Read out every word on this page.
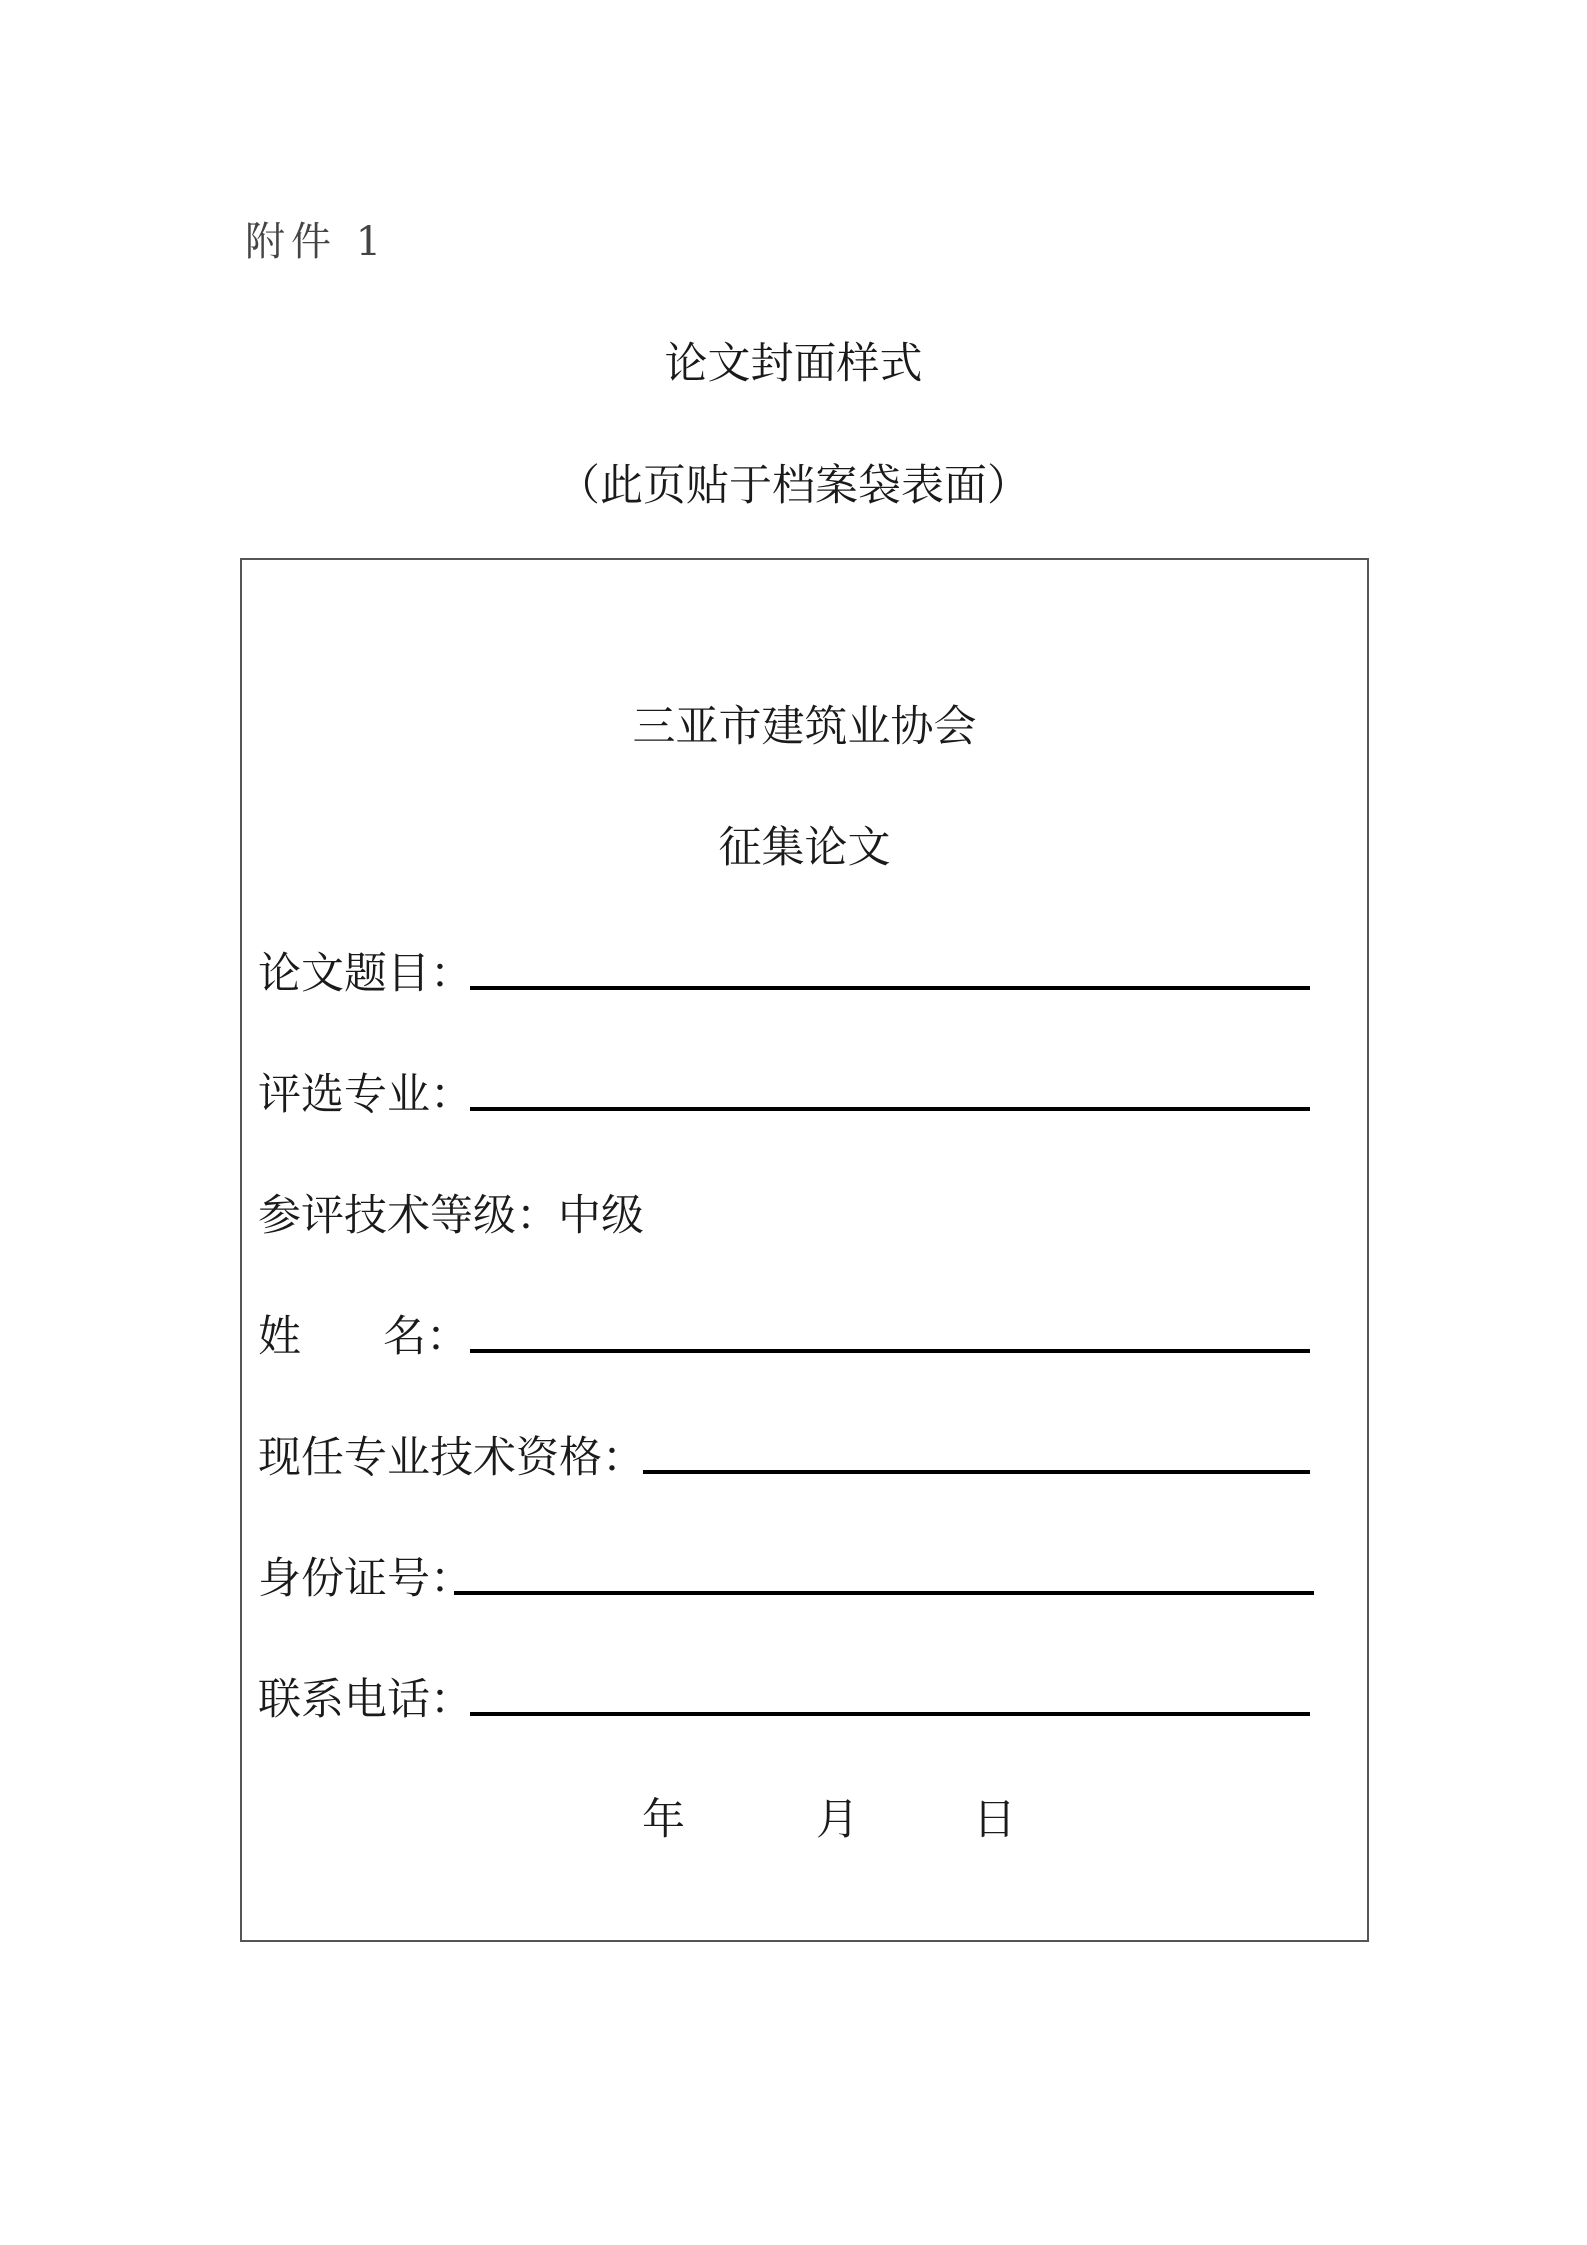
附件 1
论文封面样式
（此页贴于档案袋表面）
三亚市建筑业协会
征集论文
论文题目：
评选专业：
参评技术等级： 中级
姓      名：
现任专业技术资格：
身份证号：
联系电话：
年	月	日
